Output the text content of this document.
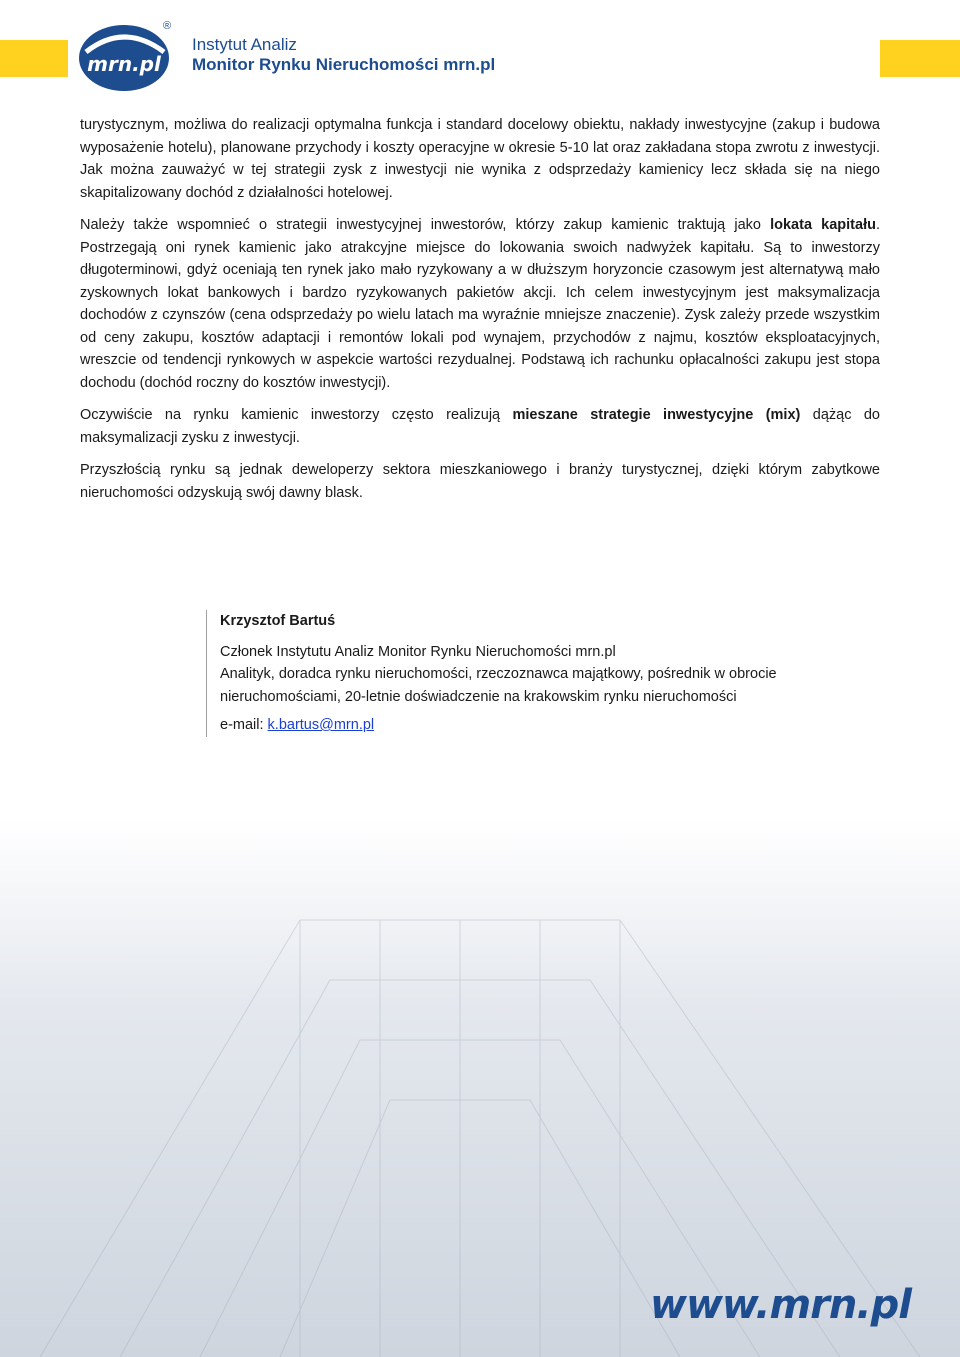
mrn.pl
®
Instytut Analiz
Monitor Rynku Nieruchomości mrn.pl

turystycznym, możliwa do realizacji optymalna funkcja i standard docelowy obiektu, nakłady inwestycyjne (zakup i budowa wyposażenie hotelu), planowane przychody i koszty operacyjne w okresie 5-10 lat oraz zakładana stopa zwrotu z inwestycji. Jak można zauważyć w tej strategii zysk z inwestycji nie wynika z odsprzedaży kamienicy lecz składa się na niego skapitalizowany dochód z działalności hotelowej.

Należy także wspomnieć o strategii inwestycyjnej inwestorów, którzy zakup kamienic traktują jako lokata kapitału. Postrzegają oni rynek kamienic jako atrakcyjne miejsce do lokowania swoich nadwyżek kapitału. Są to inwestorzy długoterminowi, gdyż oceniają ten rynek jako mało ryzykowany a w dłuższym horyzoncie czasowym jest alternatywą mało zyskownych lokat bankowych i bardzo ryzykowanych pakietów akcji. Ich celem inwestycyjnym jest maksymalizacja dochodów z czynszów (cena odsprzedaży po wielu latach ma wyraźnie mniejsze znaczenie). Zysk zależy przede wszystkim od ceny zakupu, kosztów adaptacji i remontów lokali pod wynajem, przychodów z najmu, kosztów eksploatacyjnych, wreszcie od tendencji rynkowych w aspekcie wartości rezydualnej. Podstawą ich rachunku opłacalności zakupu jest stopa dochodu (dochód roczny do kosztów inwestycji).

Oczywiście na rynku kamienic inwestorzy często realizują mieszane strategie inwestycyjne (mix) dążąc do maksymalizacji zysku z inwestycji.

Przyszłością rynku są jednak deweloperzy sektora mieszkaniowego i branży turystycznej, dzięki którym zabytkowe nieruchomości odzyskują swój dawny blask.

Krzysztof Bartuś
Członek Instytutu Analiz Monitor Rynku Nieruchomości mrn.pl
Analityk, doradca rynku nieruchomości, rzeczoznawca majątkowy, pośrednik w obrocie nieruchomościami, 20-letnie doświadczenie na krakowskim rynku nieruchomości
e-mail: k.bartus@mrn.pl
www.mrn.pl
